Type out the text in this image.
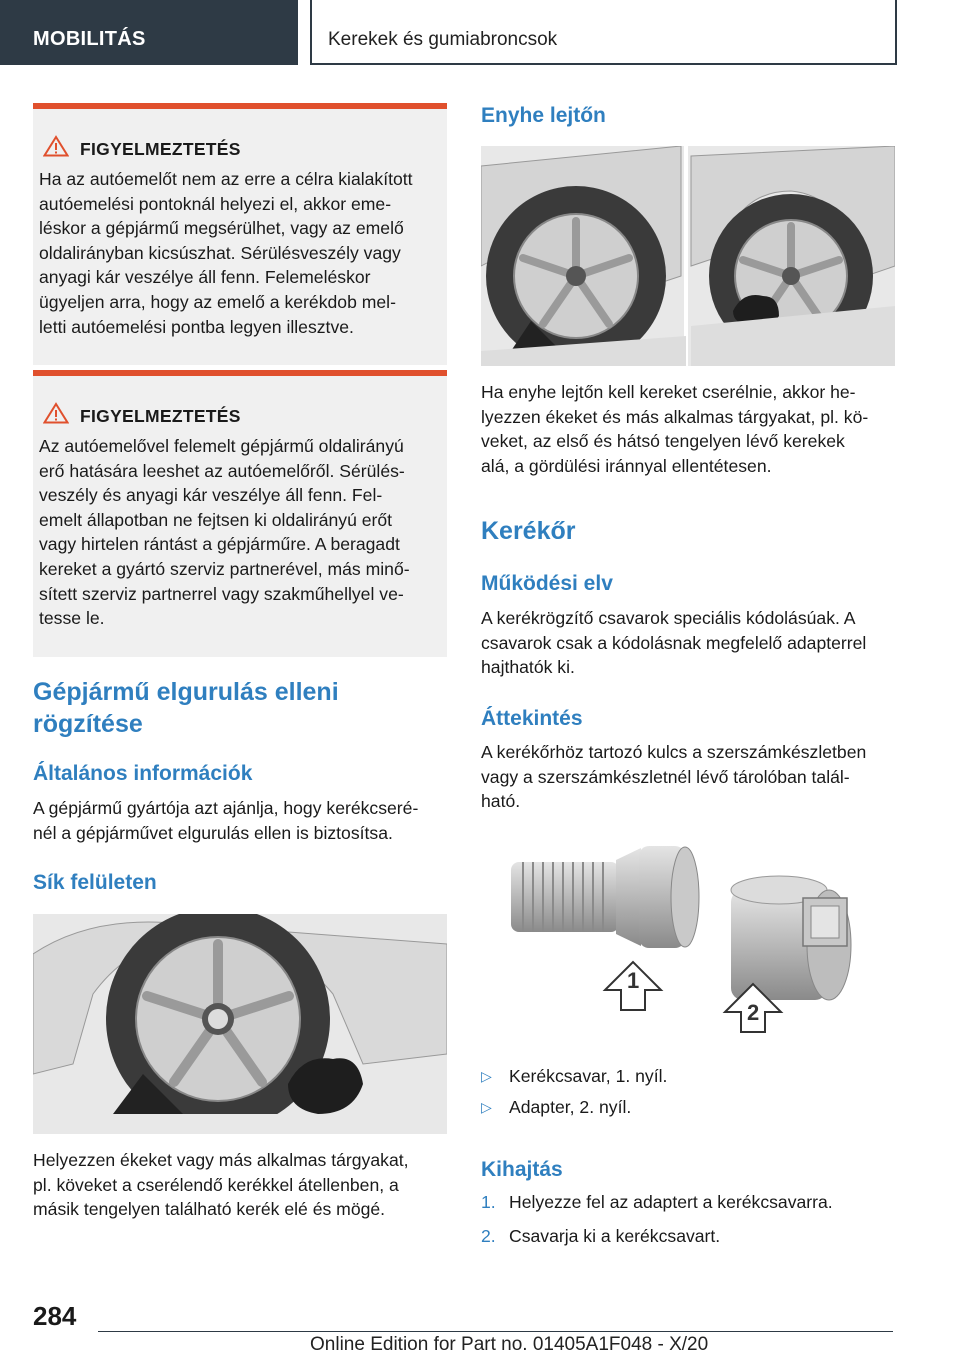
MOBILITÁS	Kerekek és gumiabroncsok
FIGYELMEZTETÉS
Ha az autóemelőt nem az erre a célra kialakított
autóemelési pontoknál helyezi el, akkor eme-
léskor a gépjármű megsérülhet, vagy az emelő
oldalirányban kicsúszhat. Sérülésveszély vagy
anyagi kár veszélye áll fenn. Felemeléskor
ügyeljen arra, hogy az emelő a kerékdob mel-
letti autóemelési pontba legyen illesztve.
FIGYELMEZTETÉS
Az autóemelővel felemelt gépjármű oldalirányú
erő hatására leeshet az autóemelőről. Sérülés-
veszély és anyagi kár veszélye áll fenn. Fel-
emelt állapotban ne fejtsen ki oldalirányú erőt
vagy hirtelen rántást a gépjárműre. A beragadt
kereket a gyártó szerviz partnerével, más minő-
sített szerviz partnerrel vagy szakműhellyel ve-
tesse le.
Gépjármű elgurulás elleni
rögzítése
Általános információk
A gépjármű gyártója azt ajánlja, hogy kerékcseré-
nél a gépjárművet elgurulás ellen is biztosítsa.
Sík felületen
Helyezzen ékeket vagy más alkalmas tárgyakat,
pl. köveket a cserélendő kerékkel átellenben, a
másik tengelyen található kerék elé és mögé.
Enyhe lejtőn
Ha enyhe lejtőn kell kereket cserélnie, akkor he-
lyezzen ékeket és más alkalmas tárgyakat, pl. kö-
veket, az első és hátsó tengelyen lévő kerekek
alá, a gördülési iránnyal ellentétesen.
Kerékőr
Működési elv
A kerékrögzítő csavarok speciális kódolásúak. A
csavarok csak a kódolásnak megfelelő adapterrel
hajthatók ki.
Áttekintés
A kerékőrhöz tartozó kulcs a szerszámkészletben
vagy a szerszámkészletnél lévő tárolóban talál-
ható.
1
2
▷ Kerékcsavar, 1. nyíl.
▷ Adapter, 2. nyíl.
Kihajtás
1. Helyezze fel az adaptert a kerékcsavarra.
2. Csavarja ki a kerékcsavart.
284
Online Edition for Part no. 01405A1F048 - X/20
